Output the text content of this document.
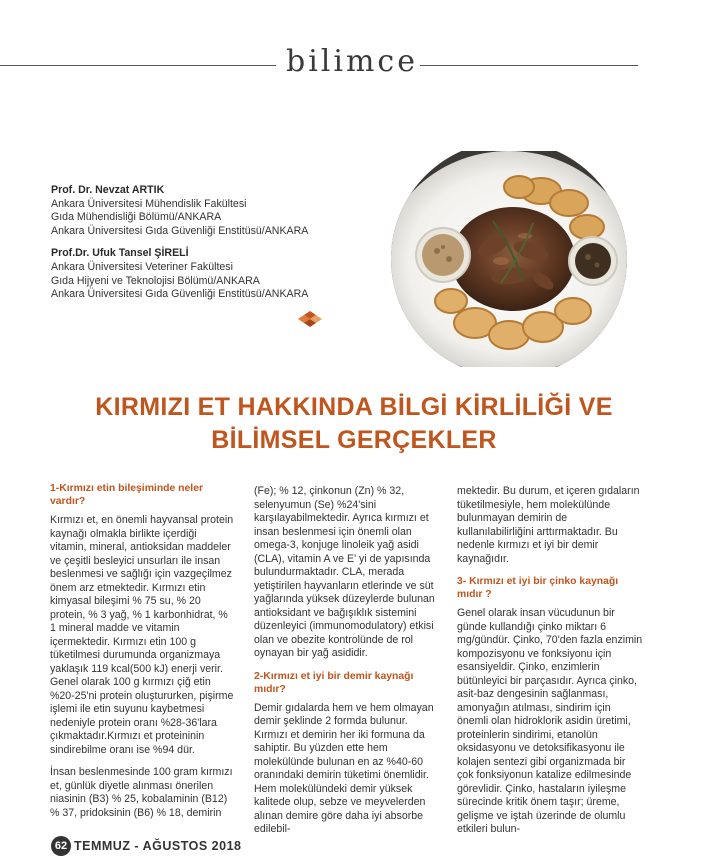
bilimce
Prof. Dr. Nevzat ARTIK
Ankara Üniversitesi Mühendislik Fakültesi
Gıda Mühendisliği Bölümü/ANKARA
Ankara Üniversitesi Gıda Güvenliği Enstitüsü/ANKARA
Prof.Dr. Ufuk Tansel ŞİRELİ
Ankara Üniversitesi Veteriner Fakültesi
Gıda Hijyeni ve Teknolojisi Bölümü/ANKARA
Ankara Üniversitesi Gıda Güvenliği Enstitüsü/ANKARA
KIRMIZI ET HAKKINDA BİLGİ KİRLİLİĞİ VE
BİLİMSEL GERÇEKLER
1-Kırmızı etin bileşiminde neler vardır?

Kırmızı et, en önemli hayvansal protein kaynağı olmakla birlikte içerdiği vitamin, mineral, antioksidan maddeler ve çeşitli besleyici unsurları ile insan beslenmesi ve sağlığı için vazgeçilmez önem arz etmektedir. Kırmızı etin kimyasal bileşimi % 75 su, % 20 protein, % 3 yağ, % 1 karbonhidrat, % 1 mineral madde ve vitamin içermektedir. Kırmızı etin 100 g tüketilmesi durumunda organizmaya yaklaşık 119 kcal(500 kJ) enerji verir. Genel olarak 100 g kırmızı çiğ etin %20-25'ni protein oluştururken, pişirme işlemi ile etin suyunu kaybetmesi nedeniyle protein oranı %28-36'lara çıkmaktadır.Kırmızı et proteininin sindirebilme oranı ise %94 dür.

İnsan beslenmesinde 100 gram kırmızı et, günlük diyetle alınması önerilen niasinin (B3) % 25, kobalaminin (B12) % 37, pridoksinin (B6) % 18, demirin

(Fe); % 12, çinkonun (Zn) % 32, selenyumun (Se) %24'sini karşılayabilmektedir. Ayrıca kırmızı et insan beslenmesi için önemli olan omega-3, konjuge linoleik yağ asidi (CLA), vitamin A ve E' yi de yapısında bulundurmaktadır. CLA, merada yetiştirilen hayvanların etlerinde ve süt yağlarında yüksek düzeylerde bulunan antioksidant ve bağışıklık sistemini düzenleyici (immunomodulatory) etkisi olan ve obezite kontrolünde de rol oynayan bir yağ asididir.

2-Kırmızı et iyi bir demir kaynağı mıdır?

Demir gıdalarda hem ve hem olmayan demir şeklinde 2 formda bulunur. Kırmızı et demirin her iki formuna da sahiptir. Bu yüzden ette hem molekülünde bulunan en az %40-60 oranındaki demirin tüketimi önemlidir. Hem molekülündeki demir yüksek kalitede olup, sebze ve meyvelerden alınan demire göre daha iyi absorbe edilebil-

mektedir. Bu durum, et içeren gıdaların tüketilmesiyle, hem molekülünde bulunmayan demirin de kullanılabilirliğini arttırmaktadır. Bu nedenle kırmızı et iyi bir demir kaynağıdır.

3- Kırmızı et iyi bir çinko kaynağı mıdır ?

Genel olarak insan vücudunun bir günde kullandığı çinko miktarı 6 mg/gündür. Çinko, 70'den fazla enzimin kompozisyonu ve fonksiyonu için esansiyeldir. Çinko, enzimlerin bütünleyici bir parçasıdır. Ayrıca çinko, asit-baz dengesinin sağlanması, amonyağın atılması, sindirim için önemli olan hidroklorik asidin üretimi, proteinlerin sindirimi, etanolün oksidasyonu ve detoksifikasyonu ile kolajen sentezi gibi organizmada bir çok fonksiyonun katalize edilmesinde görevlidir. Çinko, hastaların iyileşme sürecinde kritik önem taşır; üreme, gelişme ve iştah üzerinde de olumlu etkileri bulun-

62 TEMMUZ - AĞUSTOS 2018
